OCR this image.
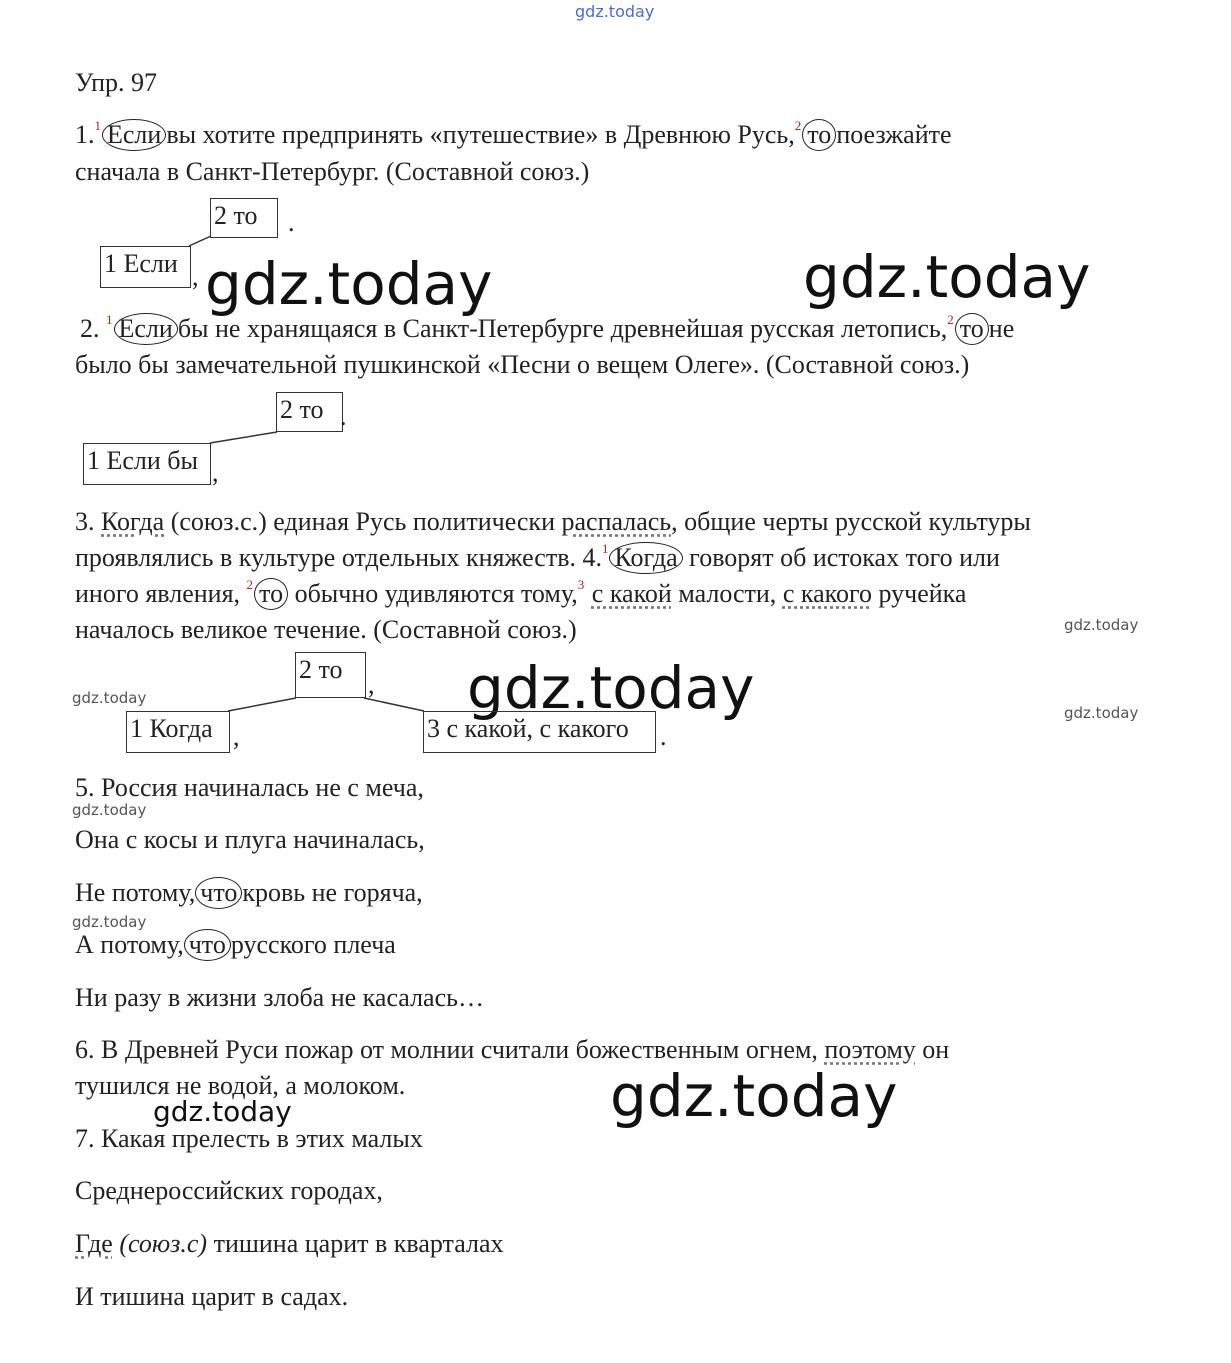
gdz.today
gdz.today	gdz.today
gdz.today
gdz.today
gdz.today
gdz.today
gdz.today
gdz.today
gdz.today
gdz.today
Упр. 97
1.$^1$ Если вы хотите предпринять «путешествие» в Древнюю Русь,$^2$ то поезжайте
сначала в Санкт-Петербург. (Составной союз.)
2 то	.
1 Если ,
2. $^1$ Если бы не хранящаяся в Санкт-Петербурге древнейшая русская летопись,$^2$ то не
было бы замечательной пушкинской «Песни о вещем Олеге». (Составной союз.)
2 то .
1 Если бы ,
3. Когда (союз.с.) единая Русь политически распалась, общие черты русской культуры
проявлялись в культуре отдельных княжеств. 4.$^1$ Когда говорят об истоках того или
иного явления, $^2$ то обычно удивляются тому,$^3$ с какой малости, с какого ручейка
началось великое течение. (Составной союз.)
2 то
,
1 Когда ,	3 с какой, с какого	.
5. Россия начиналась не с меча,
Она с косы и плуга начиналась,
Не потому, что кровь не горяча,
А потому, что русского плеча
Ни разу в жизни злоба не касалась…
6. В Древней Руси пожар от молнии считали божественным огнем, поэтому он
тушился не водой, а молоком.
7. Какая прелесть в этих малых
Среднероссийских городах,
Где (союз.с) тишина царит в кварталах
И тишина царит в садах.
